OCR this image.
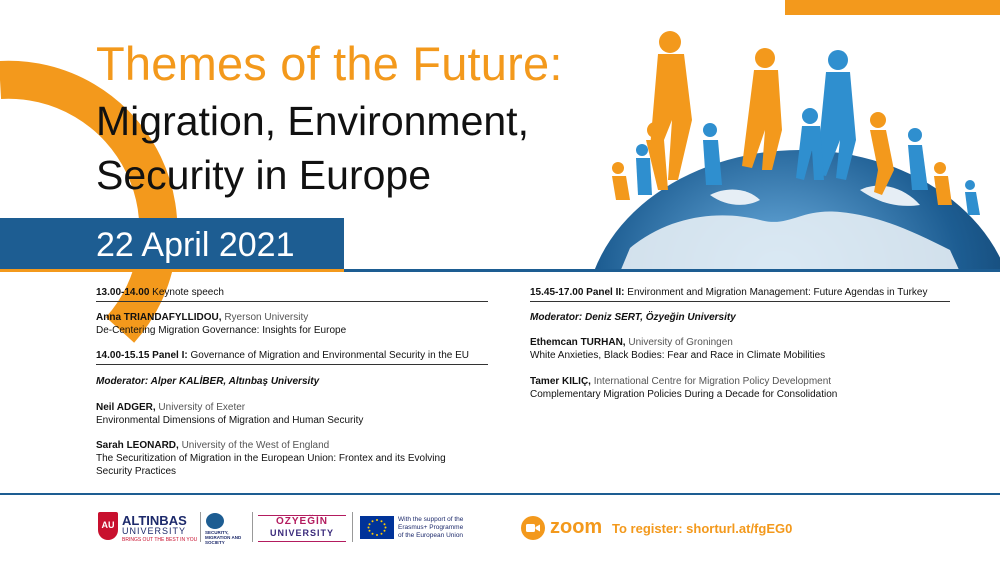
Themes of the Future:
Migration, Environment,
Security in Europe
22 April 2021
13.00-14.00 Keynote speech
Anna TRIANDAFYLLIDOU, Ryerson University
De-Centering Migration Governance: Insights for Europe
14.00-15.15 Panel I: Governance of Migration and Environmental Security in the EU
Moderator: Alper KALİBER, Altınbaş University
Neil ADGER, University of Exeter
Environmental Dimensions of Migration and Human Security
Sarah LEONARD, University of the West of England
The Securitization of Migration in the European Union: Frontex and its Evolving
Security Practices
15.45-17.00 Panel II: Environment and Migration Management: Future Agendas in Turkey
Moderator: Deniz SERT, Özyeğin University
Ethemcan TURHAN, University of Groningen
White Anxieties, Black Bodies: Fear and Race in Climate Mobilities
Tamer KILIÇ, International Centre for Migration Policy Development
Complementary Migration Policies During a Decade for Consolidation
AU ALTINBAS
UNIVERSITY
BRINGS OUT THE BEST IN YOU
SECURITY, MIGRATION AND SOCIETY
ÖZYEĞİN
UNIVERSITY
With the support of the
Erasmus+ Programme
of the European Union	zoom To register: shorturl.at/fgEG0
